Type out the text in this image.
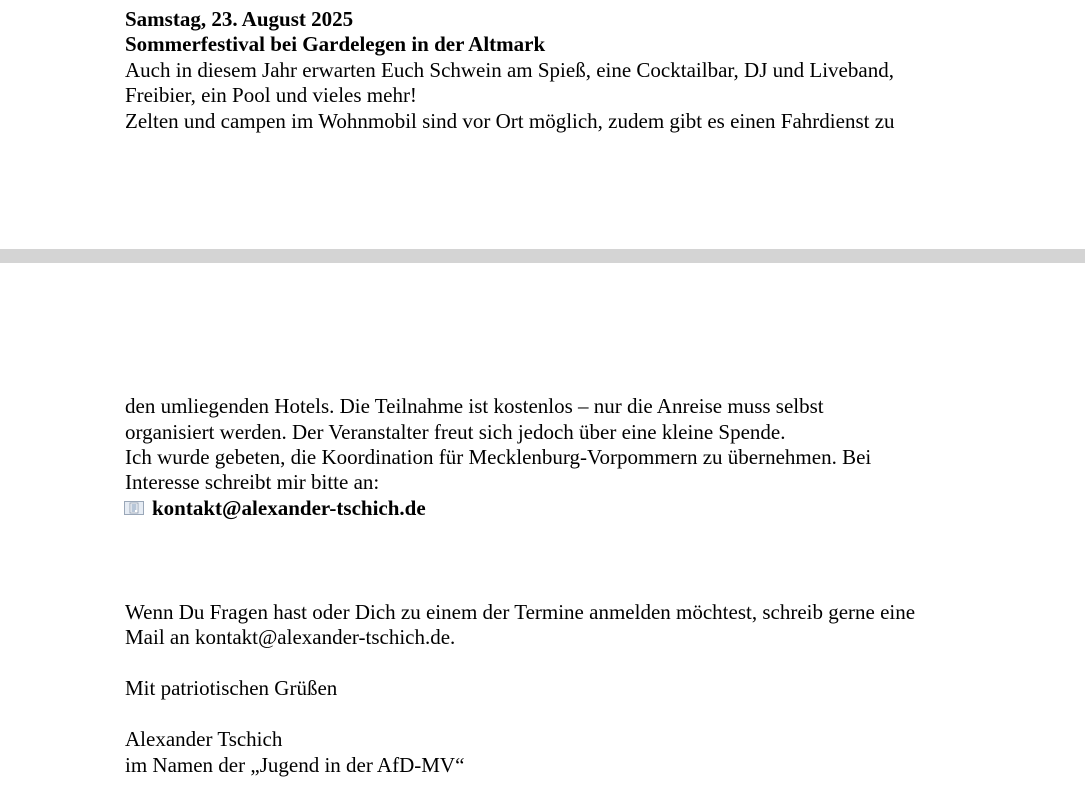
Samstag, 23. August 2025
Sommerfestival bei Gardelegen in der Altmark
Auch in diesem Jahr erwarten Euch Schwein am Spieß, eine Cocktailbar, DJ und Liveband,
Freibier, ein Pool und vieles mehr!
Zelten und campen im Wohnmobil sind vor Ort möglich, zudem gibt es einen Fahrdienst zu
den umliegenden Hotels. Die Teilnahme ist kostenlos – nur die Anreise muss selbst
organisiert werden. Der Veranstalter freut sich jedoch über eine kleine Spende.
Ich wurde gebeten, die Koordination für Mecklenburg-Vorpommern zu übernehmen. Bei
Interesse schreibt mir bitte an:
kontakt@alexander-tschich.de
Wenn Du Fragen hast oder Dich zu einem der Termine anmelden möchtest, schreib gerne eine
Mail an kontakt@alexander-tschich.de.
Mit patriotischen Grüßen
Alexander Tschich
im Namen der „Jugend in der AfD-MV“
